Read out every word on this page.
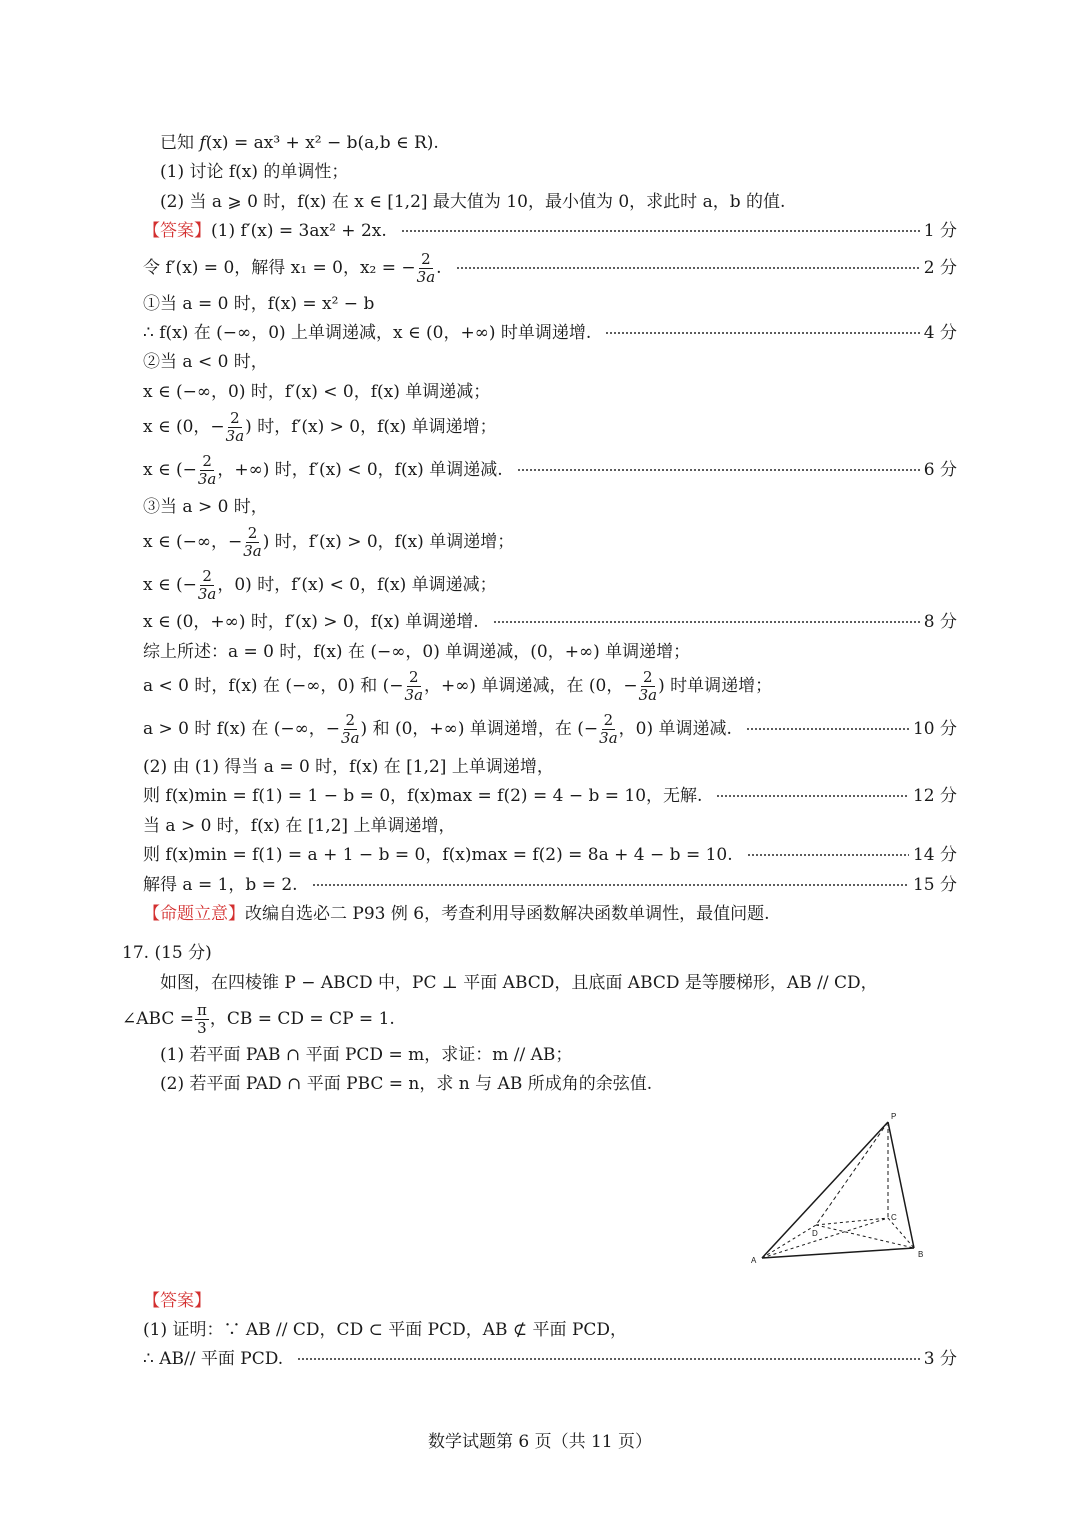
已知
f (x) = ax³ + x² − b(a,b ∈ R).
(1) 讨论 f(x) 的单调性；
(2) 当 a ⩾ 0 时，f(x) 在 x ∈ [1,2] 最大值为 10，最小值为 0，求此时 a，b 的值.
【答案】(1) f′(x) = 3ax² + 2x.	1 分
令 f′(x) = 0，解得 x₁ = 0，x₂ = − $\frac{2}{3a}$ .	2 分
①当 a = 0 时，f(x) = x² − b
∴ f(x) 在 (−∞，0) 上单调递减，x ∈ (0，+∞) 时单调递增.	4 分
②当 a < 0 时，
x ∈ (−∞，0) 时，f′(x) < 0，f(x) 单调递减；
x ∈ (0，− $\frac{2}{3a}$ ) 时，f′(x) > 0，f(x) 单调递增；
x ∈ (− $\frac{2}{3a}$ ，+∞) 时，f′(x) < 0，f(x) 单调递减.	6 分
③当 a > 0 时，
x ∈ (−∞，− $\frac{2}{3a}$ ) 时，f′(x) > 0，f(x) 单调递增；
x ∈ (− $\frac{2}{3a}$ ，0) 时，f′(x) < 0，f(x) 单调递减；
x ∈ (0，+∞) 时，f′(x) > 0，f(x) 单调递增.	8 分
综上所述：a = 0 时，f(x) 在 (−∞，0) 单调递减，(0，+∞) 单调递增；
a < 0 时，f(x) 在 (−∞，0) 和 (− $\frac{2}{3a}$ ，+∞) 单调递减，在 (0，− $\frac{2}{3a}$ ) 时单调递增；
a > 0 时 f(x) 在 (−∞，− $\frac{2}{3a}$ ) 和 (0，+∞) 单调递增，在 (− $\frac{2}{3a}$ ，0) 单调递减.	10 分
(2) 由 (1) 得当 a = 0 时，f(x) 在 [1,2] 上单调递增，
则 f(x)min = f(1) = 1 − b = 0，f(x)max = f(2) = 4 − b = 10，无解.	12 分
当 a > 0 时，f(x) 在 [1,2] 上单调递增，
则 f(x)min = f(1) = a + 1 − b = 0，f(x)max = f(2) = 8a + 4 − b = 10.	14 分
解得 a = 1，b = 2.	15 分
【命题立意】改编自选必二 P93 例 6，考查利用导函数解决函数单调性，最值问题.
17. (15 分)
如图，在四棱锥 P − ABCD 中，PC ⊥ 平面 ABCD，且底面 ABCD 是等腰梯形，AB // CD，
∠ABC = $\frac{\pi}{3}$ ，CB = CD = CP = 1.
(1) 若平面 PAB ∩ 平面 PCD = m，求证：m // AB；
(2) 若平面 PAD ∩ 平面 PBC = n，求 n 与 AB 所成角的余弦值.
P
A
B
C
D
【答案】
(1) 证明：∵ AB // CD，CD ⊂ 平面 PCD，AB ⊄ 平面 PCD，
∴ AB// 平面 PCD.	3 分
数学试题第 6 页（共 11 页）
